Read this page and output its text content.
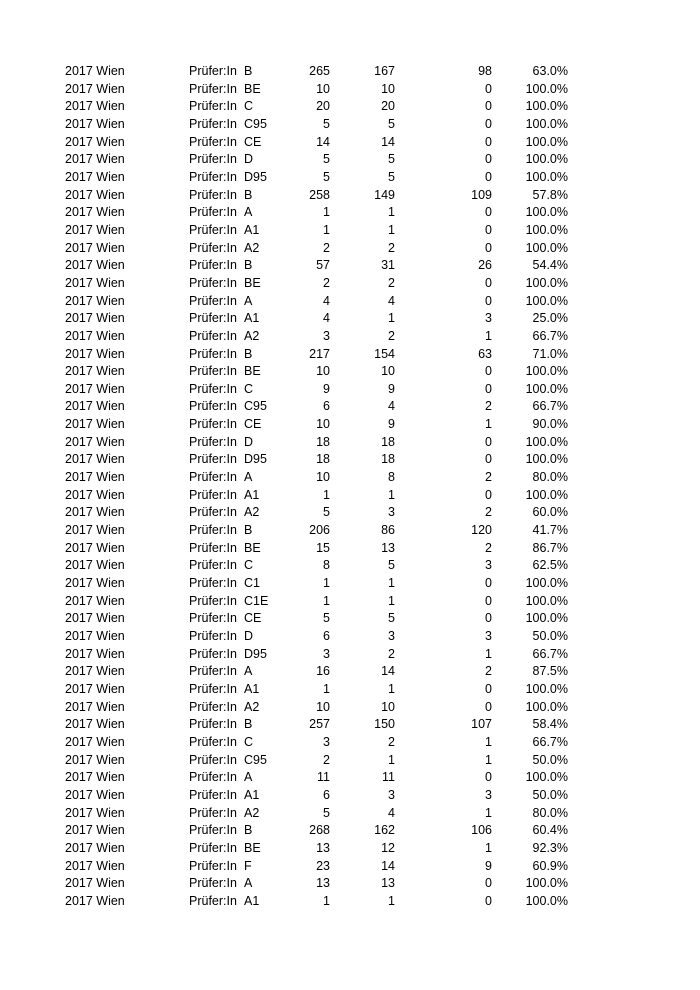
2017 Wien	Prüfer:In B	265	167	98	63.0%
2017 Wien	Prüfer:In BE	10	10	0	100.0%
2017 Wien	Prüfer:In C	20	20	0	100.0%
2017 Wien	Prüfer:In C95	5	5	0	100.0%
2017 Wien	Prüfer:In CE	14	14	0	100.0%
2017 Wien	Prüfer:In D	5	5	0	100.0%
2017 Wien	Prüfer:In D95	5	5	0	100.0%
2017 Wien	Prüfer:In B	258	149	109	57.8%
2017 Wien	Prüfer:In A	1	1	0	100.0%
2017 Wien	Prüfer:In A1	1	1	0	100.0%
2017 Wien	Prüfer:In A2	2	2	0	100.0%
2017 Wien	Prüfer:In B	57	31	26	54.4%
2017 Wien	Prüfer:In BE	2	2	0	100.0%
2017 Wien	Prüfer:In A	4	4	0	100.0%
2017 Wien	Prüfer:In A1	4	1	3	25.0%
2017 Wien	Prüfer:In A2	3	2	1	66.7%
2017 Wien	Prüfer:In B	217	154	63	71.0%
2017 Wien	Prüfer:In BE	10	10	0	100.0%
2017 Wien	Prüfer:In C	9	9	0	100.0%
2017 Wien	Prüfer:In C95	6	4	2	66.7%
2017 Wien	Prüfer:In CE	10	9	1	90.0%
2017 Wien	Prüfer:In D	18	18	0	100.0%
2017 Wien	Prüfer:In D95	18	18	0	100.0%
2017 Wien	Prüfer:In A	10	8	2	80.0%
2017 Wien	Prüfer:In A1	1	1	0	100.0%
2017 Wien	Prüfer:In A2	5	3	2	60.0%
2017 Wien	Prüfer:In B	206	86	120	41.7%
2017 Wien	Prüfer:In BE	15	13	2	86.7%
2017 Wien	Prüfer:In C	8	5	3	62.5%
2017 Wien	Prüfer:In C1	1	1	0	100.0%
2017 Wien	Prüfer:In C1E	1	1	0	100.0%
2017 Wien	Prüfer:In CE	5	5	0	100.0%
2017 Wien	Prüfer:In D	6	3	3	50.0%
2017 Wien	Prüfer:In D95	3	2	1	66.7%
2017 Wien	Prüfer:In A	16	14	2	87.5%
2017 Wien	Prüfer:In A1	1	1	0	100.0%
2017 Wien	Prüfer:In A2	10	10	0	100.0%
2017 Wien	Prüfer:In B	257	150	107	58.4%
2017 Wien	Prüfer:In C	3	2	1	66.7%
2017 Wien	Prüfer:In C95	2	1	1	50.0%
2017 Wien	Prüfer:In A	11	11	0	100.0%
2017 Wien	Prüfer:In A1	6	3	3	50.0%
2017 Wien	Prüfer:In A2	5	4	1	80.0%
2017 Wien	Prüfer:In B	268	162	106	60.4%
2017 Wien	Prüfer:In BE	13	12	1	92.3%
2017 Wien	Prüfer:In F	23	14	9	60.9%
2017 Wien	Prüfer:In A	13	13	0	100.0%
2017 Wien	Prüfer:In A1	1	1	0	100.0%
